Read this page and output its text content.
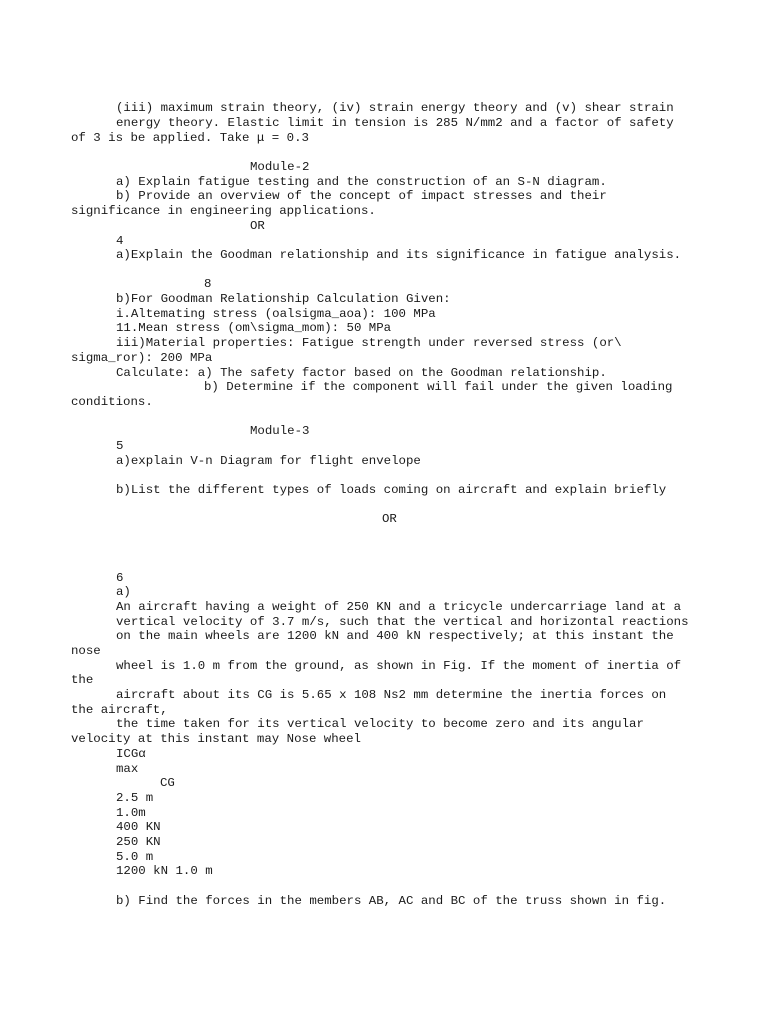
(iii) maximum strain theory, (iv) strain energy theory and (v) shear strain

energy theory. Elastic limit in tension is 285 N/mm2 and a factor of safety

of 3 is be applied. Take μ = 0.3

Module-2

a) Explain fatigue testing and the construction of an S-N diagram.

b) Provide an overview of the concept of impact stresses and their

significance in engineering applications.

OR

4

a)Explain the Goodman relationship and its significance in fatigue analysis.

8

b)For Goodman Relationship Calculation Given:

i.Altemating stress (oalsigma_aoa): 100 MPa

11.Mean stress (om\sigma_mom): 50 MPa

iii)Material properties: Fatigue strength under reversed stress (or\

sigma_ror): 200 MPa

Calculate: a) The safety factor based on the Goodman relationship.

b) Determine if the component will fail under the given loading

conditions.

Module-3

5

a)explain V-n Diagram for flight envelope

b)List the different types of loads coming on aircraft and explain briefly

OR

6

a)

An aircraft having a weight of 250 KN and a tricycle undercarriage land at a

vertical velocity of 3.7 m/s, such that the vertical and horizontal reactions

on the main wheels are 1200 kN and 400 kN respectively; at this instant the

nose

wheel is 1.0 m from the ground, as shown in Fig. If the moment of inertia of

the

aircraft about its CG is 5.65 x 108 Ns2 mm determine the inertia forces on

the aircraft,

the time taken for its vertical velocity to become zero and its angular

velocity at this instant may Nose wheel

ICGα

max

CG

2.5 m

1.0m

400 KN

250 KN

5.0 m

1200 kN 1.0 m

b) Find the forces in the members AB, AC and BC of the truss shown in fig.
